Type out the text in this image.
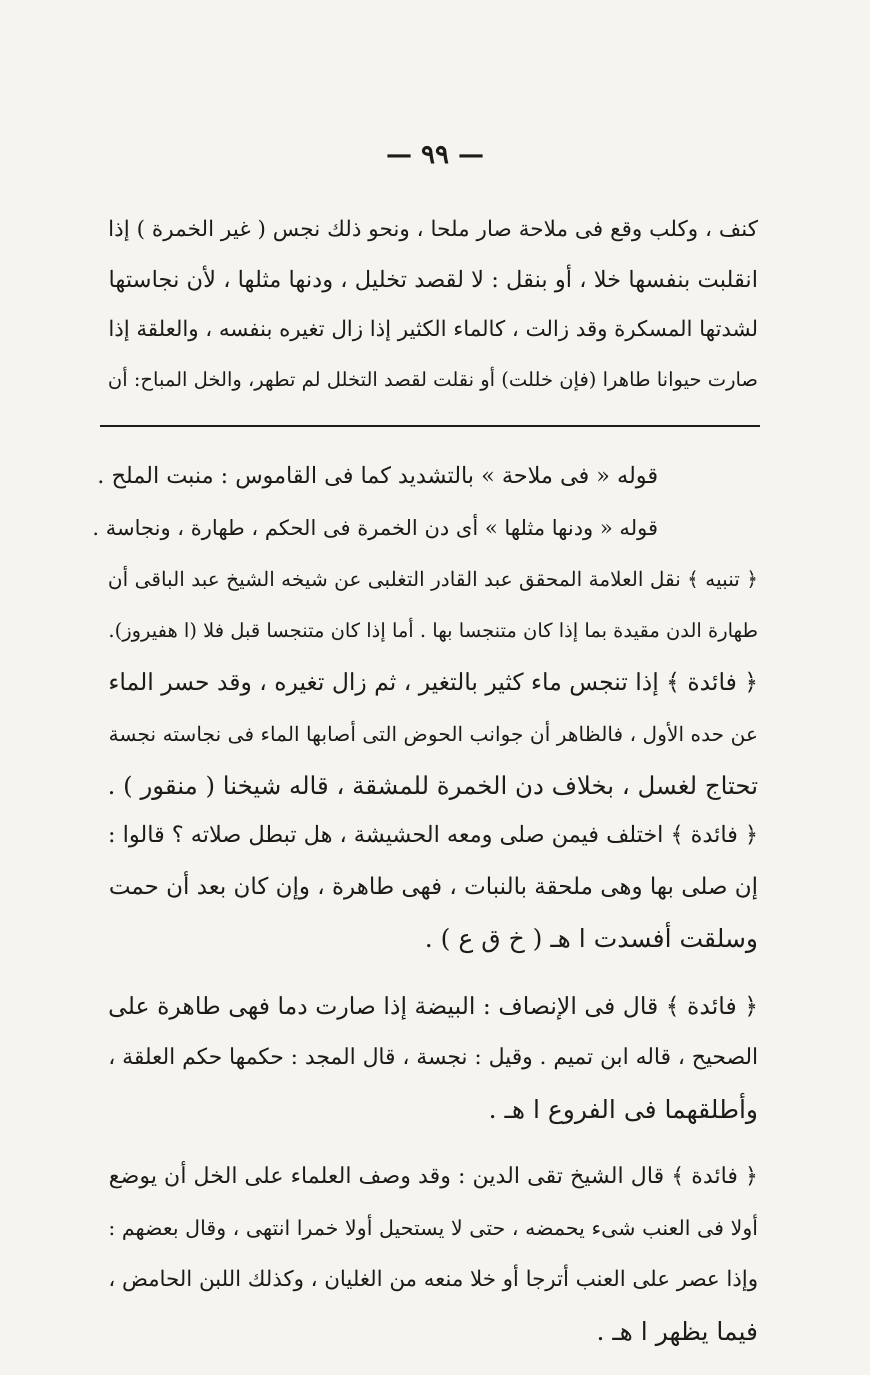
— ٩٩ —
كنف ، وكلب وقع فى ملاحة صار ملحا ، ونحو ذلك نجس ( غير الخمرة ) إذا
انقلبت بنفسها خلا ، أو بنقل : لا لقصد تخليل ، ودنها مثلها ، لأن نجاستها
لشدتها المسكرة وقد زالت ، كالماء الكثير إذا زال تغيره بنفسه ، والعلقة إذا
صارت حيوانا طاهرا (فإن خللت) أو نقلت لقصد التخلل لم تطهر، والخل المباح: أن
قوله « فى ملاحة » بالتشديد كما فى القاموس : منبت الملح .
قوله « ودنها مثلها » أى دن الخمرة فى الحكم ، طهارة ، ونجاسة .
﴿ تنبيه ﴾ نقل العلامة المحقق عبد القادر التغلبى عن شيخه الشيخ عبد الباقى أن
طهارة الدن مقيدة بما إذا كان متنجسا بها . أما إذا كان متنجسا قبل فلا (ا هفيروز).
﴿ فائدة ﴾ إذا تنجس ماء كثير بالتغير ، ثم زال تغيره ، وقد حسر الماء
عن حده الأول ، فالظاهر أن جوانب الحوض التى أصابها الماء فى نجاسته نجسة
تحتاج لغسل ، بخلاف دن الخمرة للمشقة ، قاله شيخنا ( منقور ) .
﴿ فائدة ﴾ اختلف فيمن صلى ومعه الحشيشة ، هل تبطل صلاته ؟ قالوا :
إن صلى بها وهى ملحقة بالنبات ، فهى طاهرة ، وإن كان بعد أن حمت
وسلقت أفسدت ا هـ ( خ ق ع ) .
﴿ فائدة ﴾ قال فى الإنصاف : البيضة إذا صارت دما فهى طاهرة على
الصحيح ، قاله ابن تميم . وقيل : نجسة ، قال المجد : حكمها حكم العلقة ،
وأطلقهما فى الفروع ا هـ .
﴿ فائدة ﴾ قال الشيخ تقى الدين : وقد وصف العلماء على الخل أن يوضع
أولا فى العنب شىء يحمضه ، حتى لا يستحيل أولا خمرا انتهى ، وقال بعضهم :
وإذا عصر على العنب أترجا أو خلا منعه من الغليان ، وكذلك اللبن الحامض ،
فيما يظهر ا هـ .
